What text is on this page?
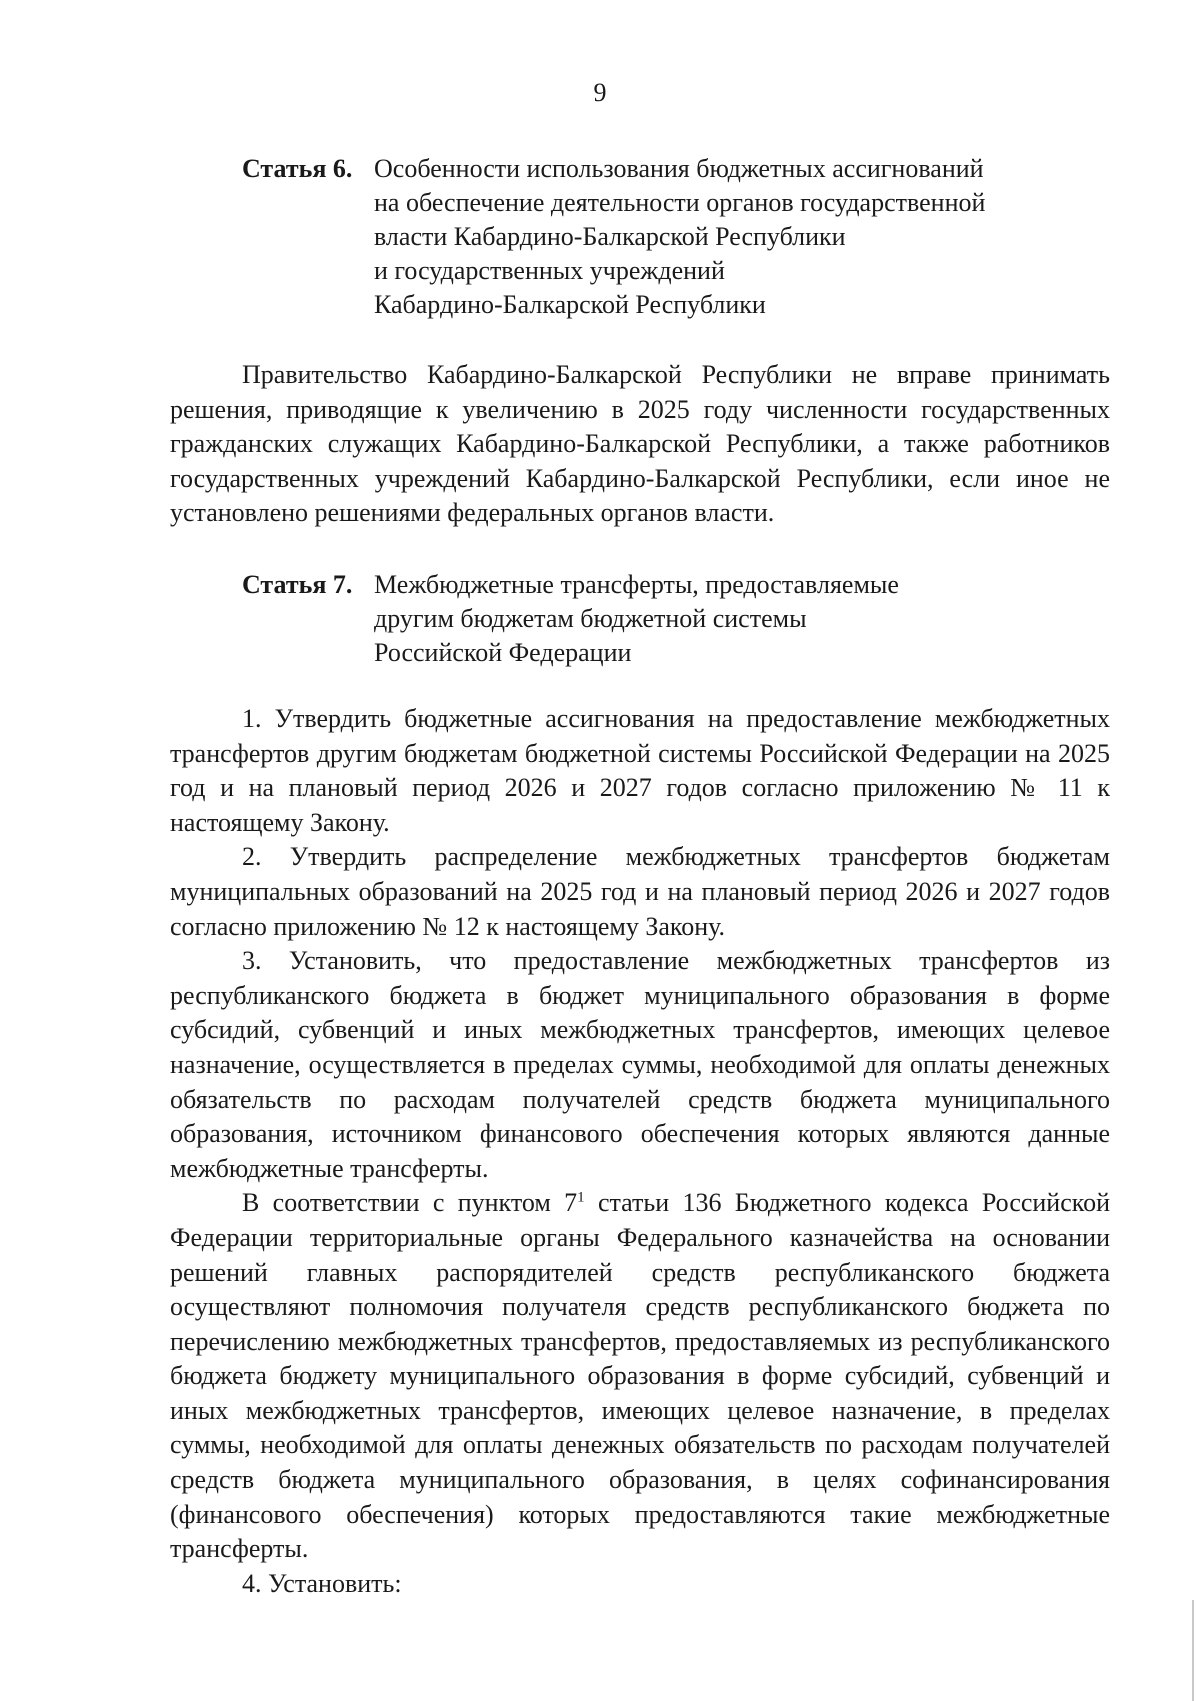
9
Статья 6. Особенности использования бюджетных ассигнований
на обеспечение деятельности органов государственной
власти Кабардино-Балкарской Республики
и государственных учреждений
Кабардино-Балкарской Республики

Правительство Кабардино-Балкарской Республики не вправе принимать решения, приводящие к увеличению в 2025 году численности государственных гражданских служащих Кабардино-Балкарской Республики, а также работников государственных учреждений Кабардино-Балкарской Республики, если иное не установлено решениями федеральных органов власти.

Статья 7. Межбюджетные трансферты, предоставляемые
другим бюджетам бюджетной системы
Российской Федерации

1. Утвердить бюджетные ассигнования на предоставление межбюджетных трансфертов другим бюджетам бюджетной системы Российской Федерации на 2025 год и на плановый период 2026 и 2027 годов согласно приложению № 11 к настоящему Закону.

2. Утвердить распределение межбюджетных трансфертов бюджетам муниципальных образований на 2025 год и на плановый период 2026 и 2027 годов согласно приложению № 12 к настоящему Закону.

3. Установить, что предоставление межбюджетных трансфертов из республиканского бюджета в бюджет муниципального образования в форме субсидий, субвенций и иных межбюджетных трансфертов, имеющих целевое назначение, осуществляется в пределах суммы, необходимой для оплаты денежных обязательств по расходам получателей средств бюджета муниципального образования, источником финансового обеспечения которых являются данные межбюджетные трансферты.

В соответствии с пунктом $7^1$ статьи 136 Бюджетного кодекса Российской Федерации территориальные органы Федерального казначейства на основании решений главных распорядителей средств республиканского бюджета осуществляют полномочия получателя средств республиканского бюджета по перечислению межбюджетных трансфертов, предоставляемых из республиканского бюджета бюджету муниципального образования в форме субсидий, субвенций и иных межбюджетных трансфертов, имеющих целевое назначение, в пределах суммы, необходимой для оплаты денежных обязательств по расходам получателей средств бюджета муниципального образования, в целях софинансирования (финансового обеспечения) которых предоставляются такие межбюджетные трансферты.

4. Установить:
